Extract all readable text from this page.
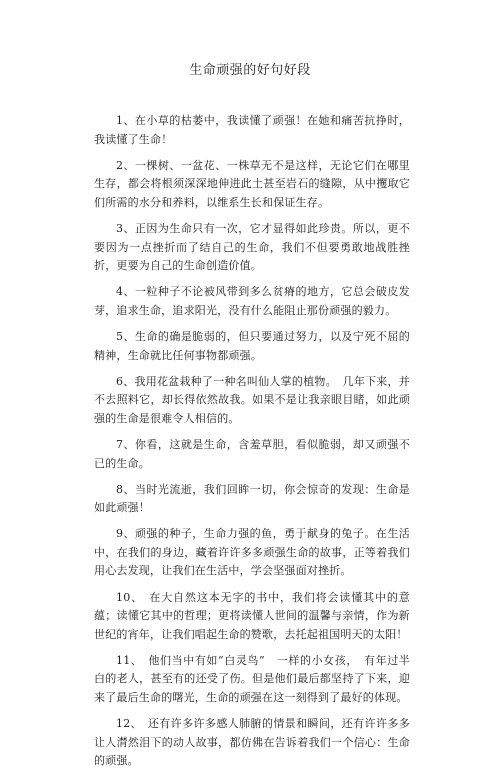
生命顽强的好句好段

1、在小草的枯萎中，我读懂了顽强！在她和痛苦抗挣时，我读懂了生命！

2、一棵树、一盆花、一株草无不是这样，无论它们在哪里生存，都会将根须深深地伸进此土甚至岩石的缝隙，从中攫取它们所需的水分和养料，以维系生长和保证生存。

3、正因为生命只有一次，它才显得如此珍贵。所以，更不要因为一点挫折而了结自己的生命，我们不但要勇敢地战胜挫折，更要为自己的生命创造价值。

4、一粒种子不论被风带到多么贫瘠的地方，它总会破皮发芽，追求生命，追求阳光，没有什么能阻止那份顽强的毅力。

5、生命的确是脆弱的，但只要通过努力，以及宁死不屈的精神，生命就比任何事物都顽强。

6、我用花盆栽种了一种名叫仙人掌的植物。　几年下来，并不去照料它，却长得依然故我。如果不是让我亲眼目睹，如此顽强的生命是很难令人相信的。

7、你看，这就是生命，含羞草胆，看似脆弱，却又顽强不已的生命。

8、当时光流逝，我们回眸一切，你会惊奇的发现：生命是如此顽强！

9、顽强的种子，生命力强的鱼，勇于献身的兔子。在生活中，在我们的身边，藏着许许多多顽强生命的故事，正等着我们用心去发现，让我们在生活中，学会坚强面对挫折。

10、　在大自然这本无字的书中，我们将会读懂其中的意蕴；读懂它其中的哲理；更将读懂人世间的温馨与亲情，作为新世纪的宵年，让我们唱起生命的赞歌，去托起祖国明天的太阳！

11、　他们当中有如“白灵鸟”　一样的小女孩，　有年过半白的老人，甚至有的还受了伤。但是他们最后都坚持了下来，迎来了最后生命的曙光，生命的顽强在这一刻得到了最好的体现。

12、　还有许多许多感人肺腑的情景和瞬间，还有许许多多让人潸然泪下的动人故事，都仿佛在告诉着我们一个信心：生命的顽强。
